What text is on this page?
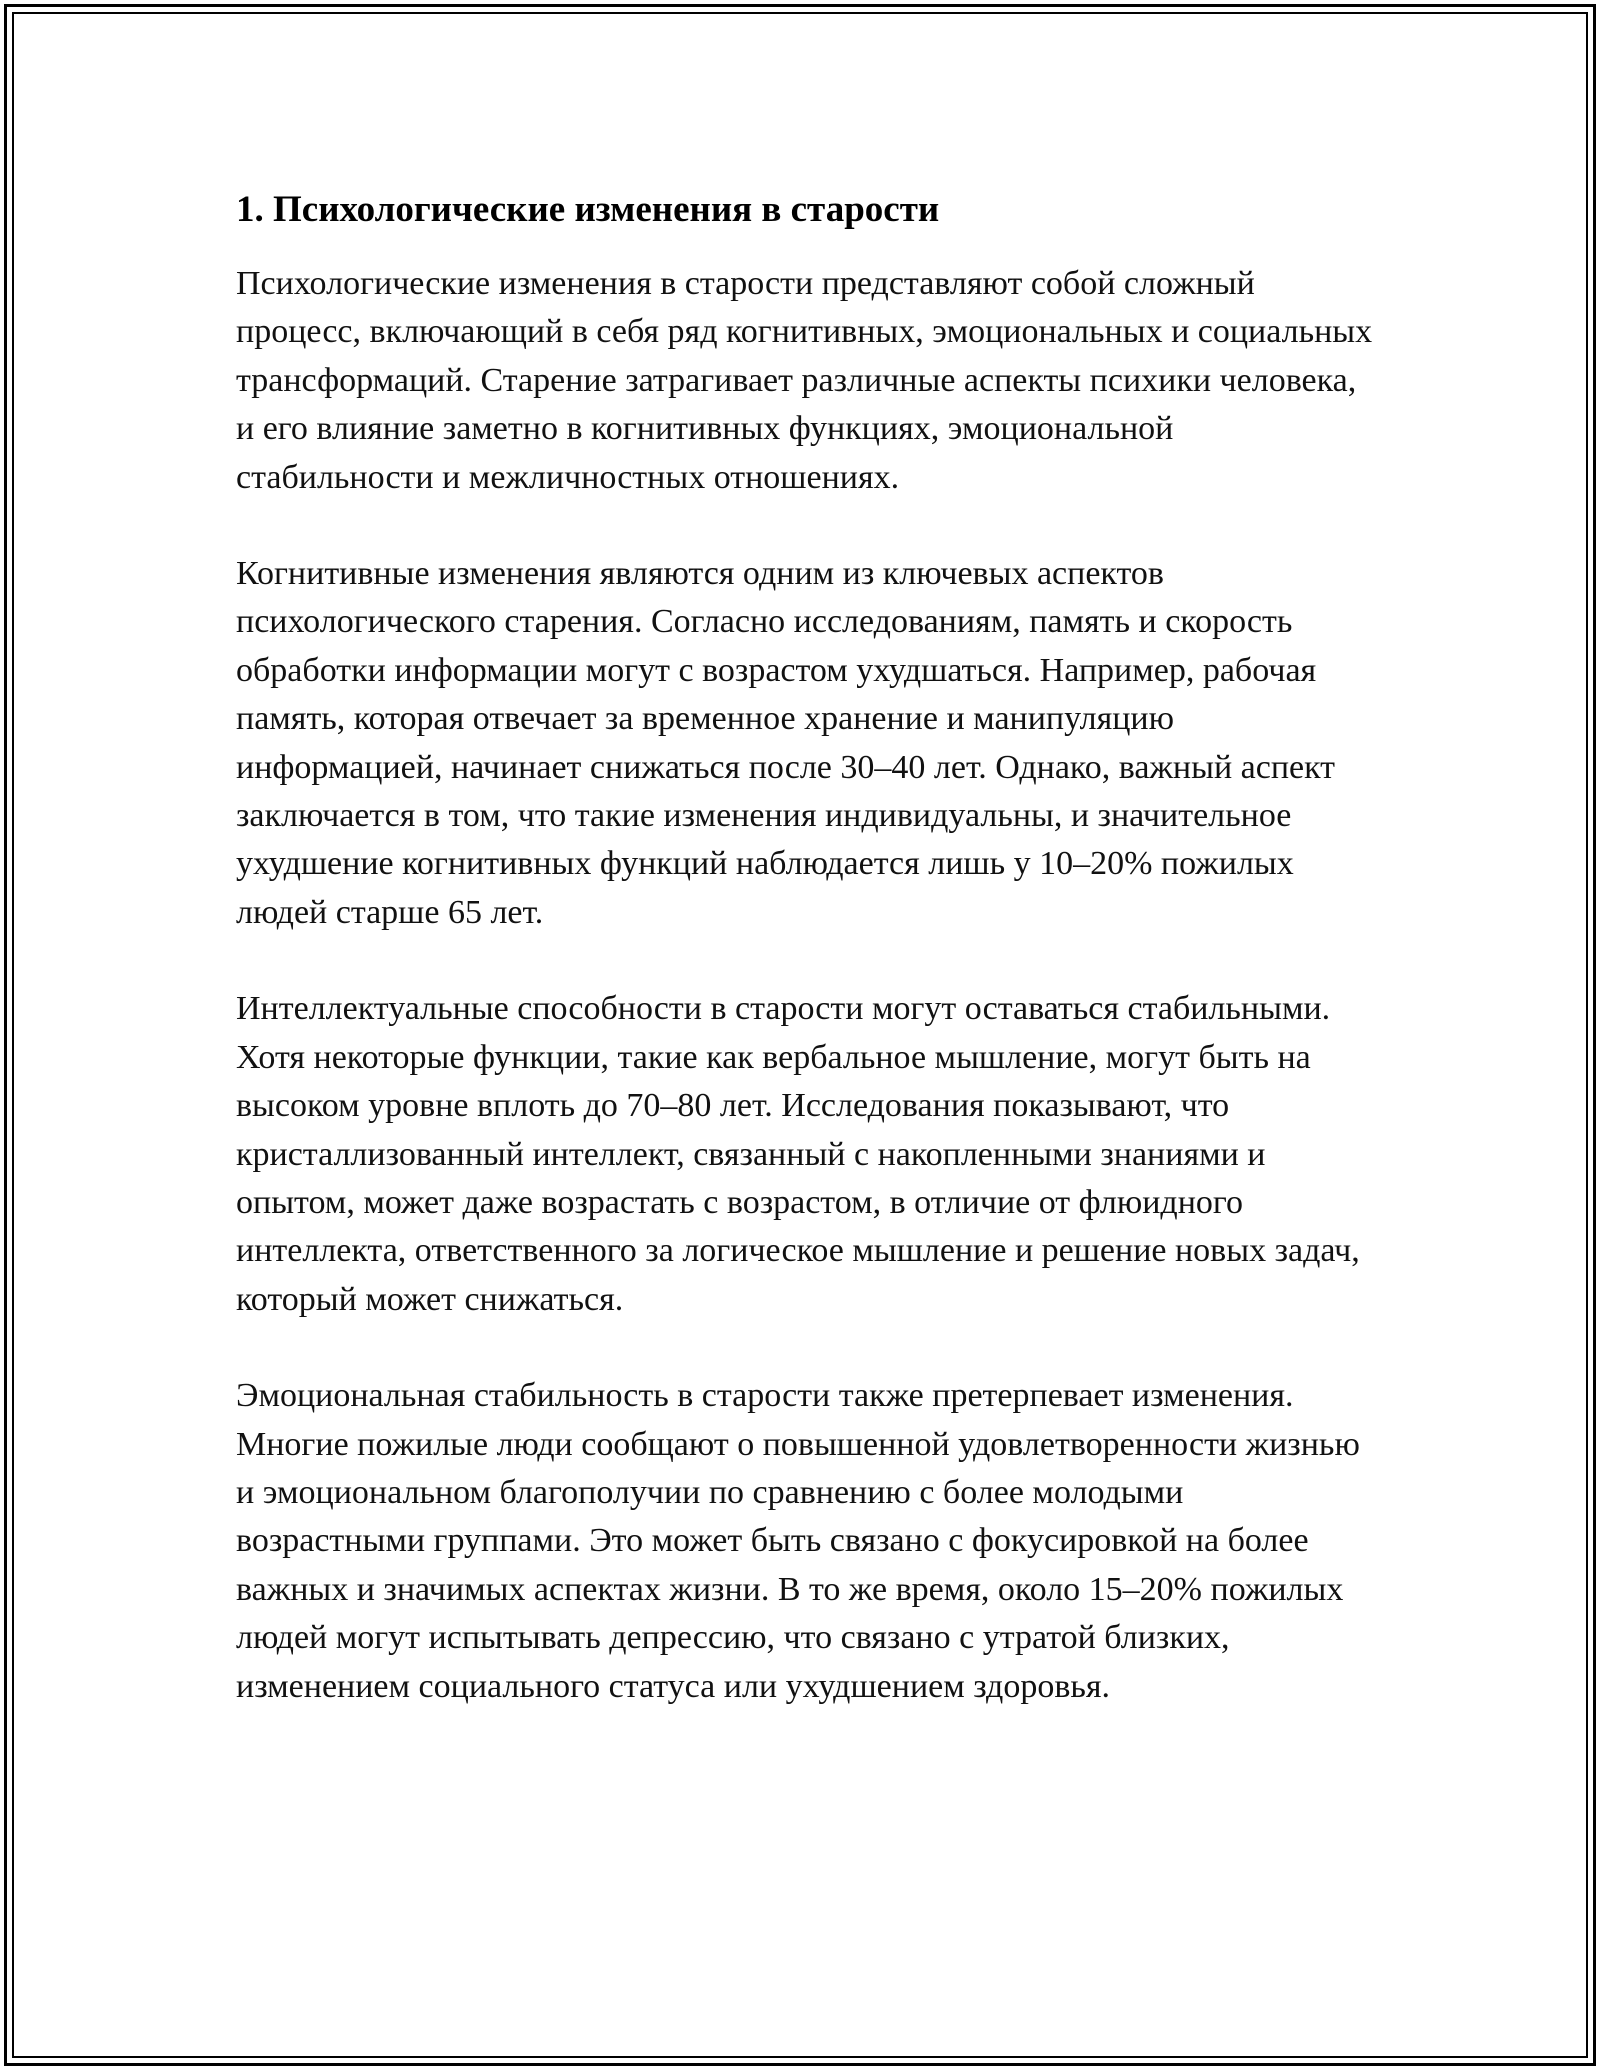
1. Психологические изменения в старости

Психологические изменения в старости представляют собой сложный процесс, включающий в себя ряд когнитивных, эмоциональных и социальных трансформаций. Старение затрагивает различные аспекты психики человека, и его влияние заметно в когнитивных функциях, эмоциональной стабильности и межличностных отношениях.

Когнитивные изменения являются одним из ключевых аспектов психологического старения. Согласно исследованиям, память и скорость обработки информации могут с возрастом ухудшаться. Например, рабочая память, которая отвечает за временное хранение и манипуляцию информацией, начинает снижаться после 30–40 лет. Однако, важный аспект заключается в том, что такие изменения индивидуальны, и значительное ухудшение когнитивных функций наблюдается лишь у 10–20% пожилых людей старше 65 лет.

Интеллектуальные способности в старости могут оставаться стабильными. Хотя некоторые функции, такие как вербальное мышление, могут быть на высоком уровне вплоть до 70–80 лет. Исследования показывают, что кристаллизованный интеллект, связанный с накопленными знаниями и опытом, может даже возрастать с возрастом, в отличие от флюидного интеллекта, ответственного за логическое мышление и решение новых задач, который может снижаться.

Эмоциональная стабильность в старости также претерпевает изменения. Многие пожилые люди сообщают о повышенной удовлетворенности жизнью и эмоциональном благополучии по сравнению с более молодыми возрастными группами. Это может быть связано с фокусировкой на более важных и значимых аспектах жизни. В то же время, около 15–20% пожилых людей могут испытывать депрессию, что связано с утратой близких, изменением социального статуса или ухудшением здоровья.
